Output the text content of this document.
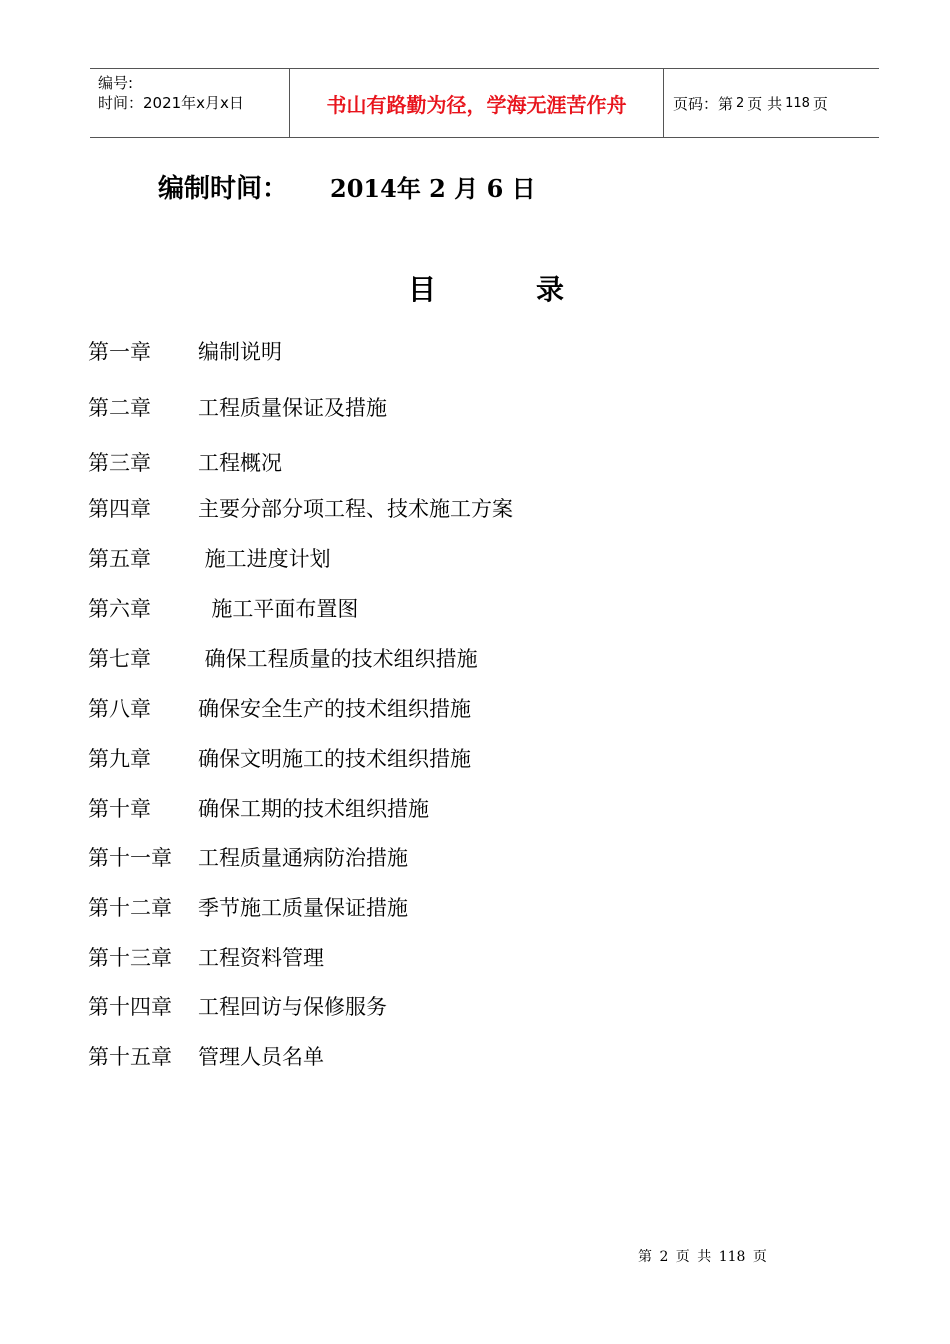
编号:
时间：2021年x月x日	书山有路勤为径，学海无涯苦作舟	页码：第 2 页 共 118 页
编制时间： 2014年 2 月 6 日
目录
第一章 编制说明
第二章 工程质量保证及措施
第三章 工程概况
第四章 主要分部分项工程、技术施工方案
第五章 施工进度计划
第六章  施工平面布置图
第七章 确保工程质量的技术组织措施
第八章 确保安全生产的技术组织措施
第九章 确保文明施工的技术组织措施
第十章 确保工期的技术组织措施
第十一章 工程质量通病防治措施
第十二章 季节施工质量保证措施
第十三章 工程资料管理
第十四章 工程回访与保修服务
第十五章 管理人员名单
第 2 页 共 118 页
